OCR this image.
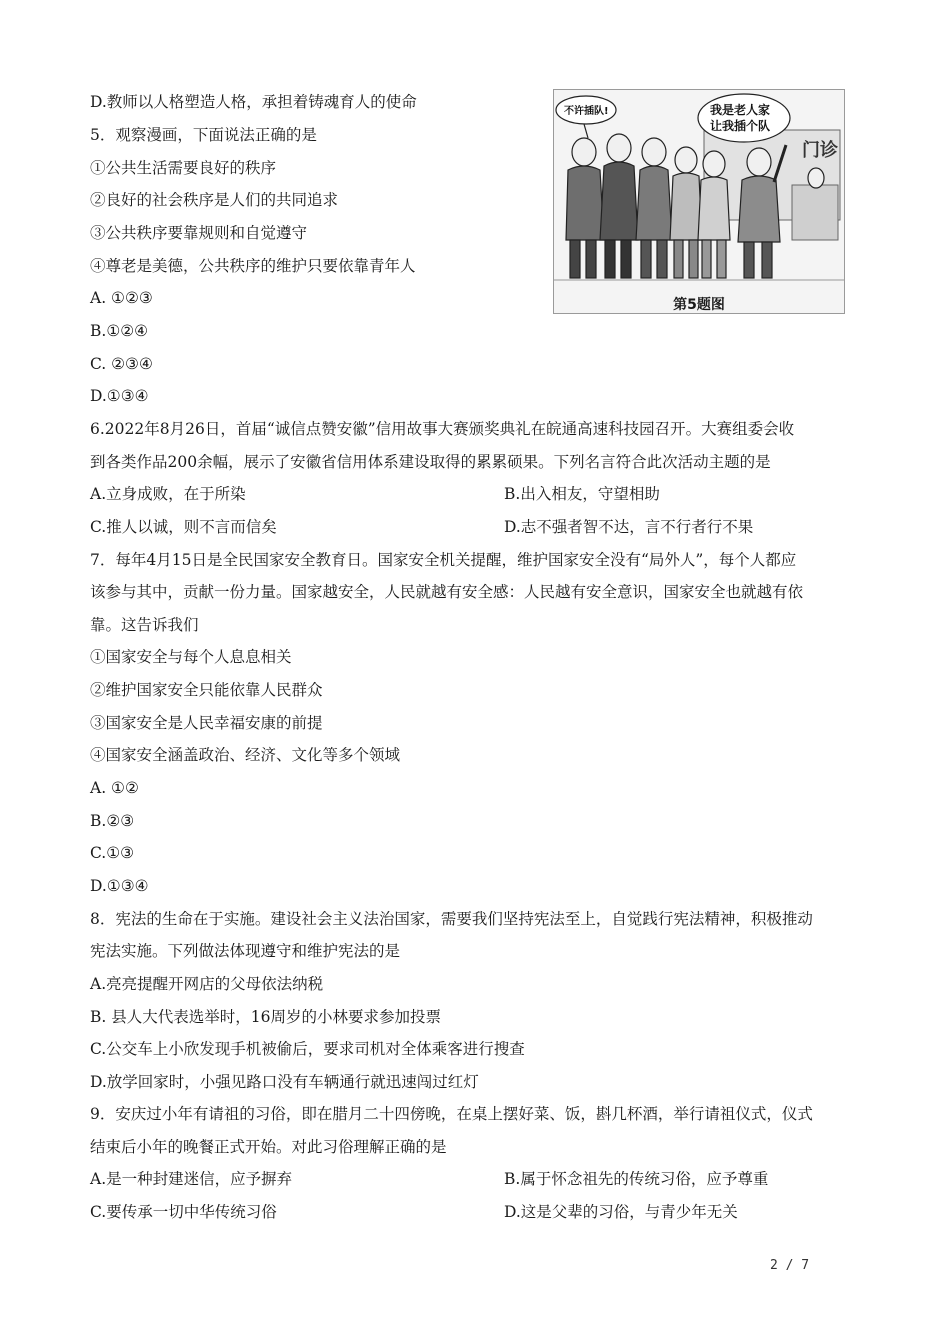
D.教师以人格塑造人格，承担着铸魂育人的使命
5．观察漫画，下面说法正确的是
①公共生活需要良好的秩序
②良好的社会秩序是人们的共同追求
③公共秩序要靠规则和自觉遵守
④尊老是美德，公共秩序的维护只要依靠青年人
A. ①②③
B.①②④
C. ②③④
D.①③④
门诊
不许插队!	我是老人家
让我插个队
第5题图
6.2022年8月26日，首届“诚信点赞安徽”信用故事大赛颁奖典礼在皖通高速科技园召开。大赛组委会收
到各类作品200余幅，展示了安徽省信用体系建设取得的累累硕果。下列名言符合此次活动主题的是
A.立身成败，在于所染	B.出入相友，守望相助
C.推人以诚，则不言而信矣	D.志不强者智不达，言不行者行不果
7．每年4月15日是全民国家安全教育日。国家安全机关提醒，维护国家安全没有“局外人”，每个人都应
该参与其中，贡献一份力量。国家越安全，人民就越有安全感：人民越有安全意识，国家安全也就越有依
靠。这告诉我们
①国家安全与每个人息息相关
②维护国家安全只能依靠人民群众
③国家安全是人民幸福安康的前提
④国家安全涵盖政治、经济、文化等多个领域
A. ①②
B.②③
C.①③
D.①③④
8．宪法的生命在于实施。建设社会主义法治国家，需要我们坚持宪法至上，自觉践行宪法精神，积极推动
宪法实施。下列做法体现遵守和维护宪法的是
A.亮亮提醒开网店的父母依法纳税
B. 县人大代表选举时，16周岁的小林要求参加投票
C.公交车上小欣发现手机被偷后，要求司机对全体乘客进行搜查
D.放学回家时，小强见路口没有车辆通行就迅速闯过红灯
9．安庆过小年有请祖的习俗，即在腊月二十四傍晚，在桌上摆好菜、饭，斟几杯酒，举行请祖仪式，仪式
结束后小年的晚餐正式开始。对此习俗理解正确的是
A.是一种封建迷信，应予摒弃	B.属于怀念祖先的传统习俗，应予尊重
C.要传承一切中华传统习俗	D.这是父辈的习俗，与青少年无关
2 / 7
